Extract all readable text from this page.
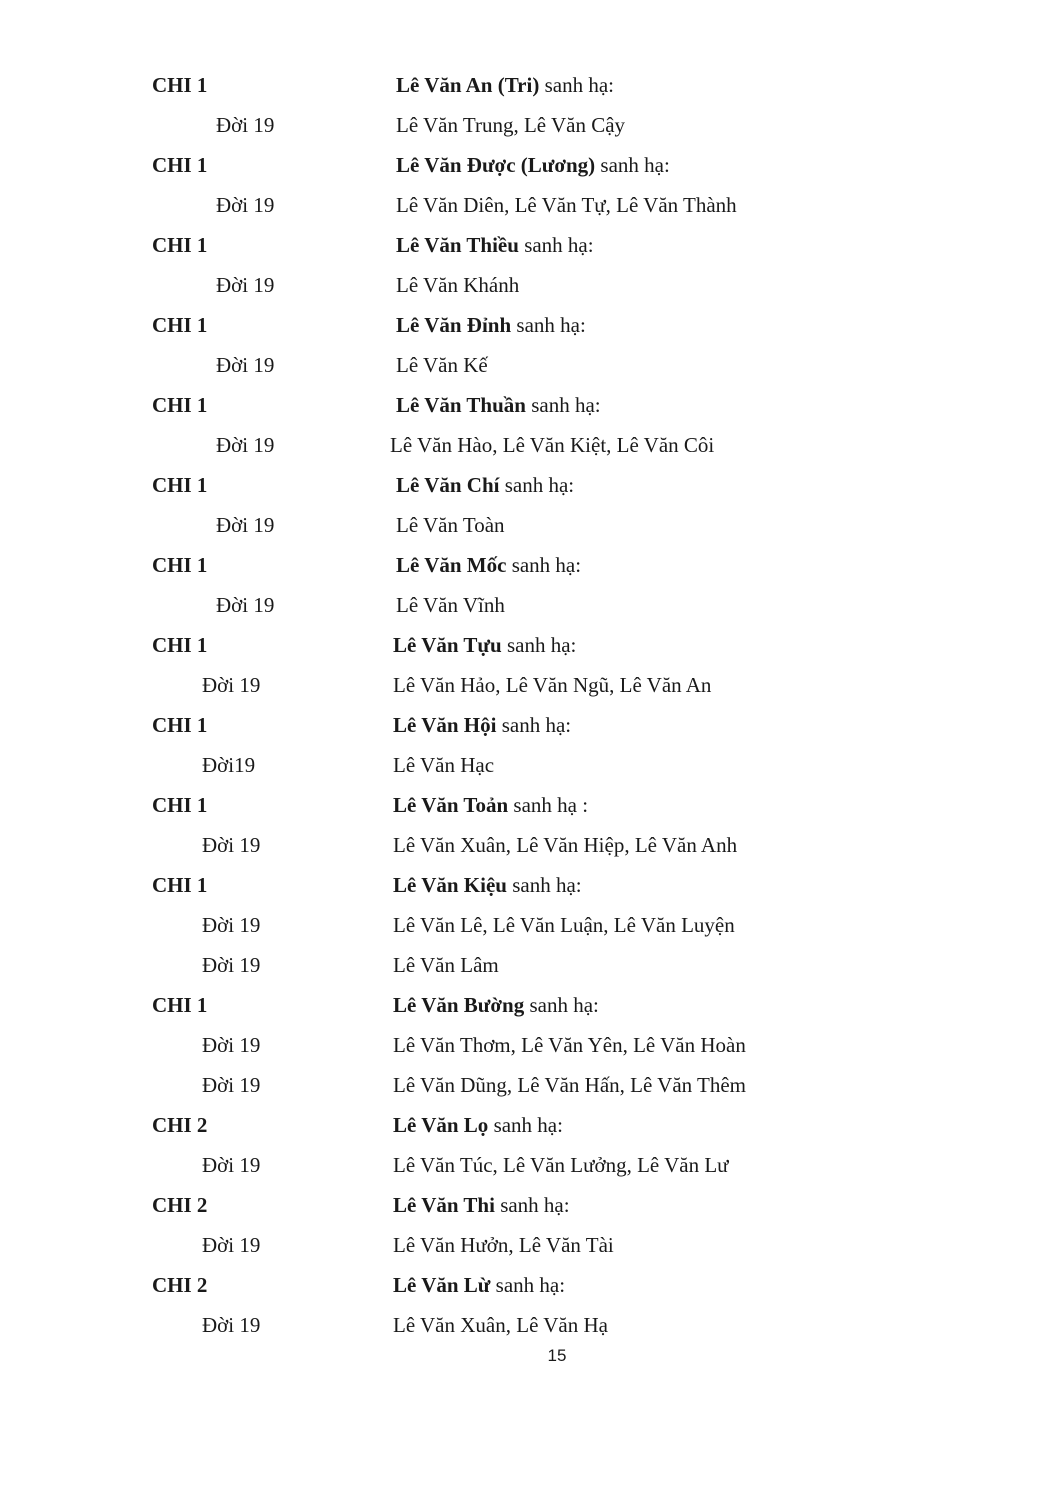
CHI 1	Lê Văn An (Tri) sanh hạ:
Đời 19	Lê Văn Trung, Lê Văn Cậy
CHI 1	Lê Văn Được (Lương) sanh hạ:
Đời 19	Lê Văn Diên, Lê Văn Tự, Lê Văn Thành
CHI 1	Lê Văn Thiều sanh hạ:
Đời 19	Lê Văn Khánh
CHI 1	Lê Văn Đỉnh sanh hạ:
Đời 19	Lê Văn Kế
CHI 1	Lê Văn Thuần sanh hạ:
Đời 19	Lê Văn Hào, Lê Văn Kiệt, Lê Văn Côi
CHI 1	Lê Văn Chí sanh hạ:
Đời 19	Lê Văn Toàn
CHI 1	Lê Văn Mốc sanh hạ:
Đời 19	Lê Văn Vĩnh
CHI 1	Lê Văn Tựu sanh hạ:
Đời 19	Lê Văn Hảo, Lê Văn Ngũ, Lê Văn An
CHI 1	Lê Văn Hội sanh hạ:
Đời19	Lê Văn Hạc
CHI 1	Lê Văn Toản sanh hạ :
Đời 19	Lê Văn Xuân, Lê Văn Hiệp, Lê Văn Anh
CHI 1	Lê Văn Kiệu sanh hạ:
Đời 19	Lê Văn Lê, Lê Văn Luận, Lê Văn Luyện
Đời 19	Lê Văn Lâm
CHI 1	Lê Văn Bường sanh hạ:
Đời 19	Lê Văn Thơm, Lê Văn Yên, Lê Văn Hoàn
Đời 19	Lê Văn Dũng, Lê Văn Hấn, Lê Văn Thêm
CHI 2	Lê Văn Lọ sanh hạ:
Đời 19	Lê Văn Túc, Lê Văn Lưởng, Lê Văn Lư
CHI 2	Lê Văn Thi sanh hạ:
Đời 19	Lê Văn Hưởn, Lê Văn Tài
CHI 2	Lê Văn Lừ sanh hạ:
Đời 19	Lê Văn Xuân, Lê Văn Hạ
15
